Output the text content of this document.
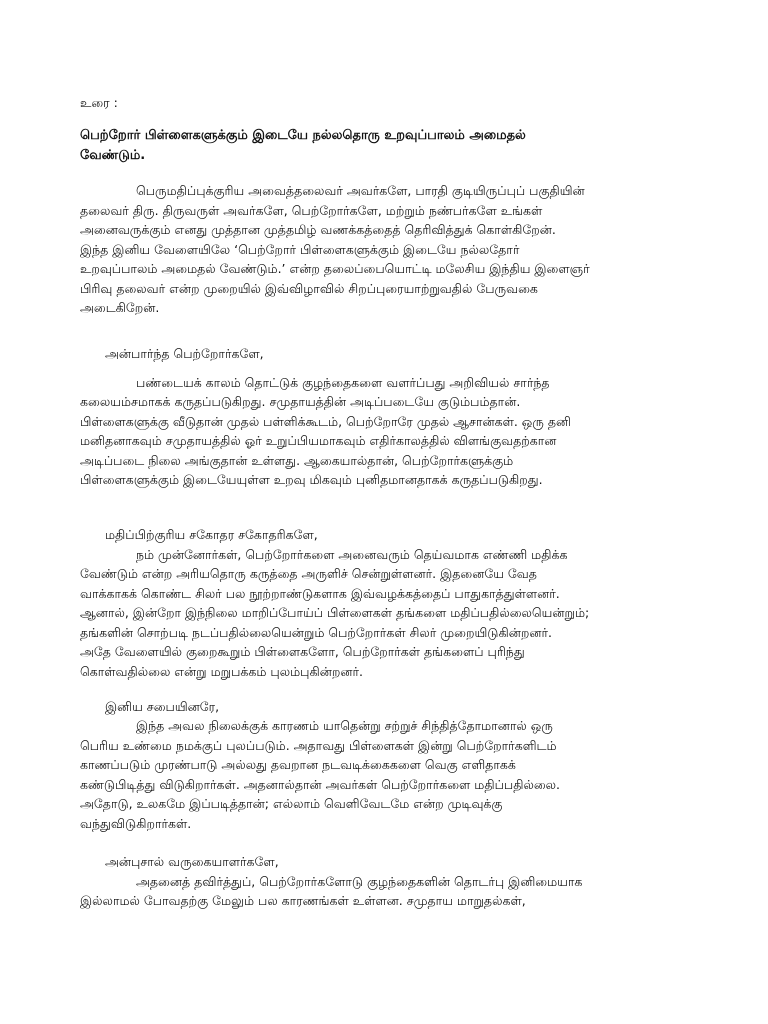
உரை :
பெற்றோர் பிள்ளைகளுக்கும் இடையே நல்லதொரு உறவுப்பாலம் அமைதல்
வேண்டும்.
பெருமதிப்புக்குரிய அவைத்தலைவர் அவர்களே, பாரதி குடியிருப்புப் பகுதியின்
தலைவர் திரு. திருவருள் அவர்களே, பெற்றோர்களே, மற்றும் நண்பர்களே உங்கள்
அனைவருக்கும் எனது முத்தான முத்தமிழ் வணக்கத்தைத் தெரிவித்துக் கொள்கிறேன்.
இந்த இனிய வேளையிலே ‘பெற்றோர் பிள்ளைகளுக்கும் இடையே நல்லதோர்
உறவுப்பாலம் அமைதல் வேண்டும்.’ என்ற தலைப்பையொட்டி மலேசிய இந்திய இளைஞர்
பிரிவு தலைவர் என்ற முறையில் இவ்விழாவில் சிறப்புரையாற்றுவதில் பேருவகை
அடைகிறேன்.
அன்பார்ந்த பெற்றோர்களே,
பண்டையக் காலம் தொட்டுக் குழந்தைகளை வளர்ப்பது அறிவியல் சார்ந்த
கலையம்சமாகக் கருதப்படுகிறது. சமுதாயத்தின் அடிப்படையே குடும்பம்தான்.
பிள்ளைகளுக்கு வீடுதான் முதல் பள்ளிக்கூடம், பெற்றோரே முதல் ஆசான்கள். ஒரு தனி
மனிதனாகவும் சமுதாயத்தில் ஓர் உறுப்பியமாகவும் எதிர்காலத்தில் விளங்குவதற்கான
அடிப்படை நிலை அங்குதான் உள்ளது. ஆகையால்தான், பெற்றோர்களுக்கும்
பிள்ளைகளுக்கும் இடையேயுள்ள உறவு மிகவும் புனிதமானதாகக் கருதப்படுகிறது.
மதிப்பிற்குரிய சகோதர சகோதரிகளே,
நம் முன்னோர்கள், பெற்றோர்களை அனைவரும் தெய்வமாக எண்ணி மதிக்க
வேண்டும் என்ற அரியதொரு கருத்தை அருளிச் சென்றுள்ளனர். இதனையே வேத
வாக்காகக் கொண்ட சிலர் பல நூற்றாண்டுகளாக இவ்வழக்கத்தைப் பாதுகாத்துள்ளனர்.
ஆனால், இன்றோ இந்நிலை மாறிப்போய்ப் பிள்ளைகள் தங்களை மதிப்பதில்லையென்றும்;
தங்களின் சொற்படி நடப்பதில்லையென்றும் பெற்றோர்கள் சிலர் முறையிடுகின்றனர்.
அதே வேளையில் குறைகூறும் பிள்ளைகளோ, பெற்றோர்கள் தங்களைப் புரிந்து
கொள்வதில்லை என்று மறுபக்கம் புலம்புகின்றனர்.
இனிய சபையினரே,
இந்த அவல நிலைக்குக் காரணம் யாதென்று சற்றுச் சிந்தித்தோமானால் ஒரு
பெரிய உண்மை நமக்குப் புலப்படும். அதாவது பிள்ளைகள் இன்று பெற்றோர்களிடம்
காணப்படும் முரண்பாடு அல்லது தவறான நடவடிக்கைகளை வெகு எளிதாகக்
கண்டுபிடித்து விடுகிறார்கள். அதனால்தான் அவர்கள் பெற்றோர்களை மதிப்பதில்லை.
அதோடு, உலகமே இப்படித்தான்; எல்லாம் வெளிவேடமே என்ற முடிவுக்கு
வந்துவிடுகிறார்கள்.
அன்புசால் வருகையாளர்களே,
அதனைத் தவிர்த்துப், பெற்றோர்களோடு குழந்தைகளின் தொடர்பு இனிமையாக
இல்லாமல் போவதற்கு மேலும் பல காரணங்கள் உள்ளன. சமுதாய மாறுதல்கள்,
